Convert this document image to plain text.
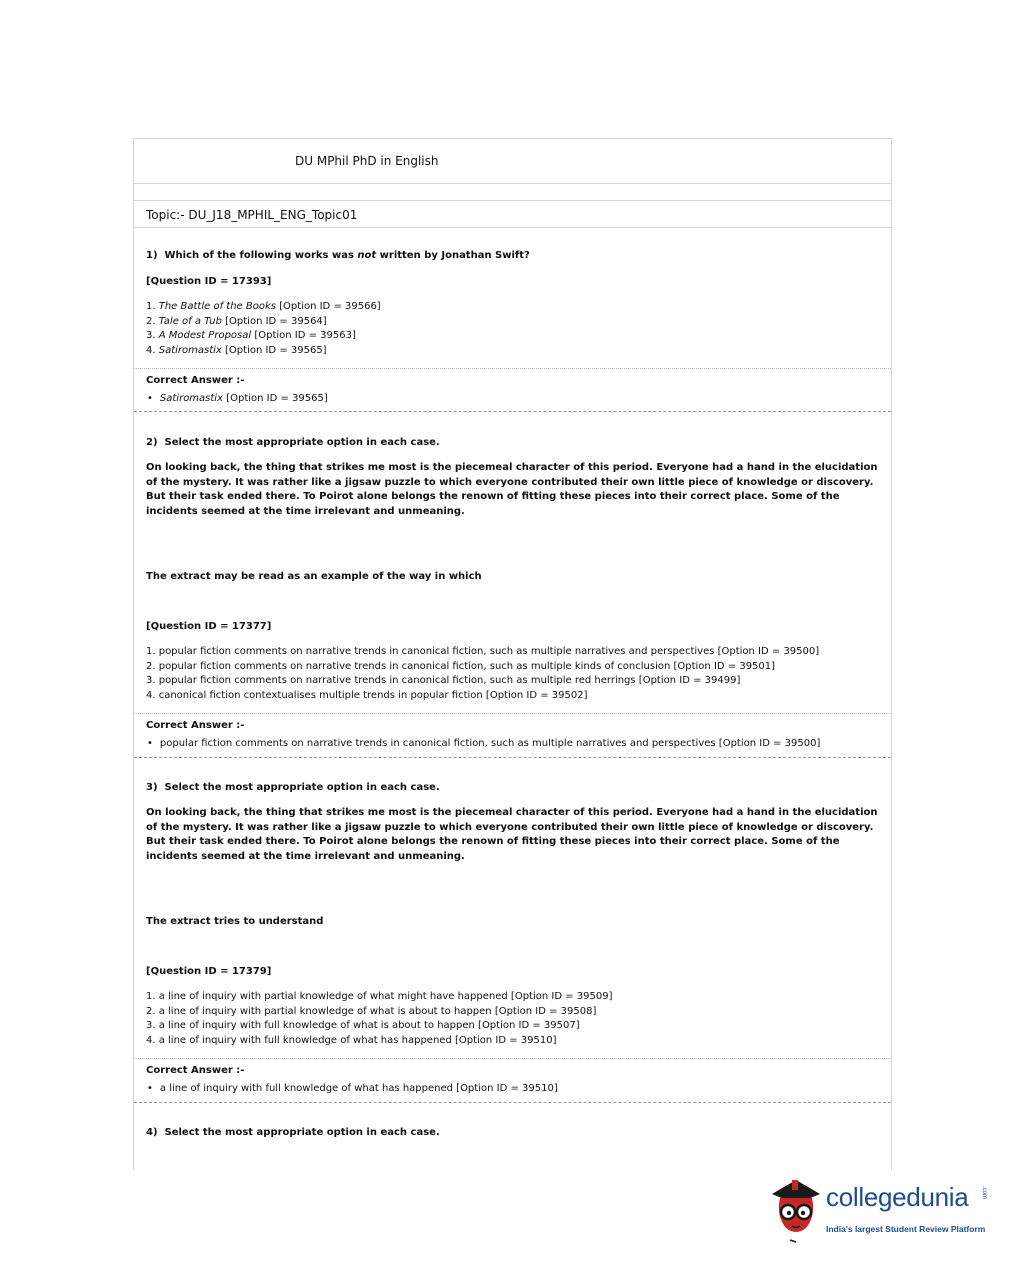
DU MPhil PhD in English
Topic:- DU_J18_MPHIL_ENG_Topic01
1) Which of the following works was not written by Jonathan Swift?
[Question ID = 17393]
1. The Battle of the Books [Option ID = 39566]
2. Tale of a Tub [Option ID = 39564]
3. A Modest Proposal [Option ID = 39563]
4. Satiromastix [Option ID = 39565]
Correct Answer :-
• Satiromastix [Option ID = 39565]
2) Select the most appropriate option in each case.
On looking back, the thing that strikes me most is the piecemeal character of this period. Everyone had a hand in the elucidation of the mystery. It was rather like a jigsaw puzzle to which everyone contributed their own little piece of knowledge or discovery. But their task ended there. To Poirot alone belongs the renown of fitting these pieces into their correct place. Some of the incidents seemed at the time irrelevant and unmeaning.
The extract may be read as an example of the way in which
[Question ID = 17377]
1. popular fiction comments on narrative trends in canonical fiction, such as multiple narratives and perspectives [Option ID = 39500]
2. popular fiction comments on narrative trends in canonical fiction, such as multiple kinds of conclusion [Option ID = 39501]
3. popular fiction comments on narrative trends in canonical fiction, such as multiple red herrings [Option ID = 39499]
4. canonical fiction contextualises multiple trends in popular fiction [Option ID = 39502]
Correct Answer :-
• popular fiction comments on narrative trends in canonical fiction, such as multiple narratives and perspectives [Option ID = 39500]
3) Select the most appropriate option in each case.
On looking back, the thing that strikes me most is the piecemeal character of this period. Everyone had a hand in the elucidation of the mystery. It was rather like a jigsaw puzzle to which everyone contributed their own little piece of knowledge or discovery. But their task ended there. To Poirot alone belongs the renown of fitting these pieces into their correct place. Some of the incidents seemed at the time irrelevant and unmeaning.
The extract tries to understand
[Question ID = 17379]
1. a line of inquiry with partial knowledge of what might have happened [Option ID = 39509]
2. a line of inquiry with partial knowledge of what is about to happen [Option ID = 39508]
3. a line of inquiry with full knowledge of what is about to happen [Option ID = 39507]
4. a line of inquiry with full knowledge of what has happened [Option ID = 39510]
Correct Answer :-
• a line of inquiry with full knowledge of what has happened [Option ID = 39510]
4) Select the most appropriate option in each case.
collegedunia .com
India's largest Student Review Platform
